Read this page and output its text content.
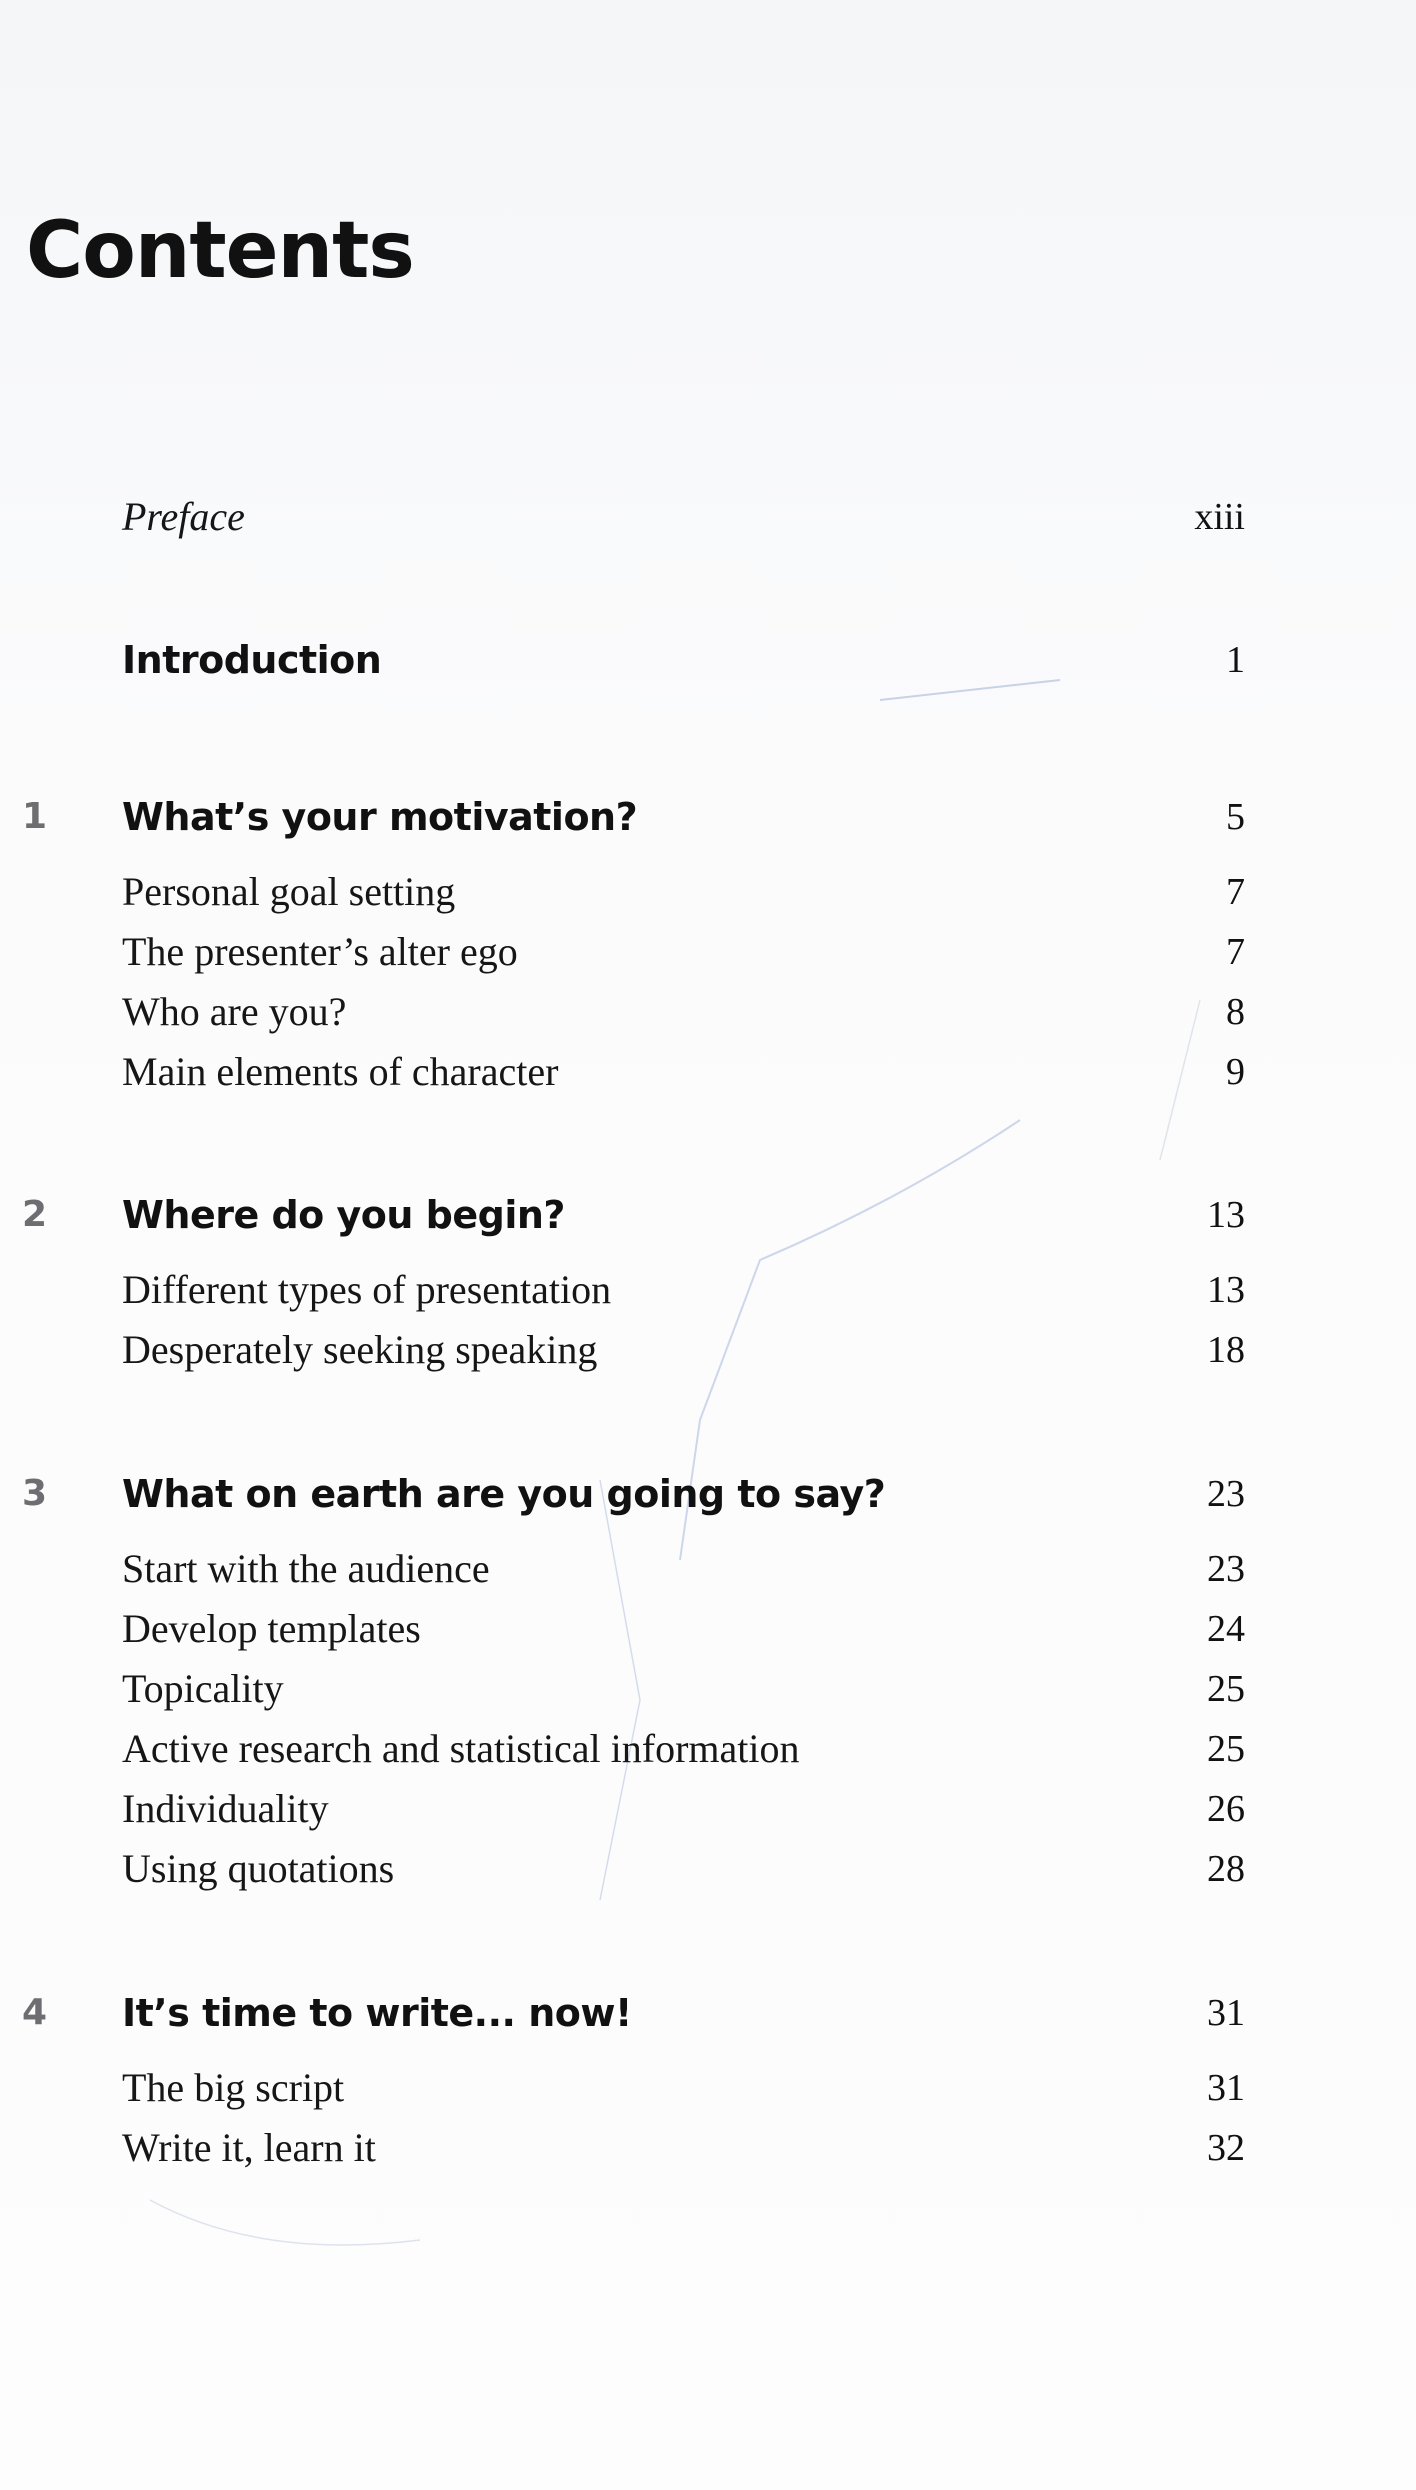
Contents
Preface	xiii
Introduction	1
1 What’s your motivation?	5
Personal goal setting	7
The presenter’s alter ego	7
Who are you?	8
Main elements of character	9
2 Where do you begin?	13
Different types of presentation	13
Desperately seeking speaking	18
3 What on earth are you going to say?	23
Start with the audience	23
Develop templates	24
Topicality	25
Active research and statistical information	25
Individuality	26
Using quotations	28
4 It’s time to write... now!	31
The big script	31
Write it, learn it	32
